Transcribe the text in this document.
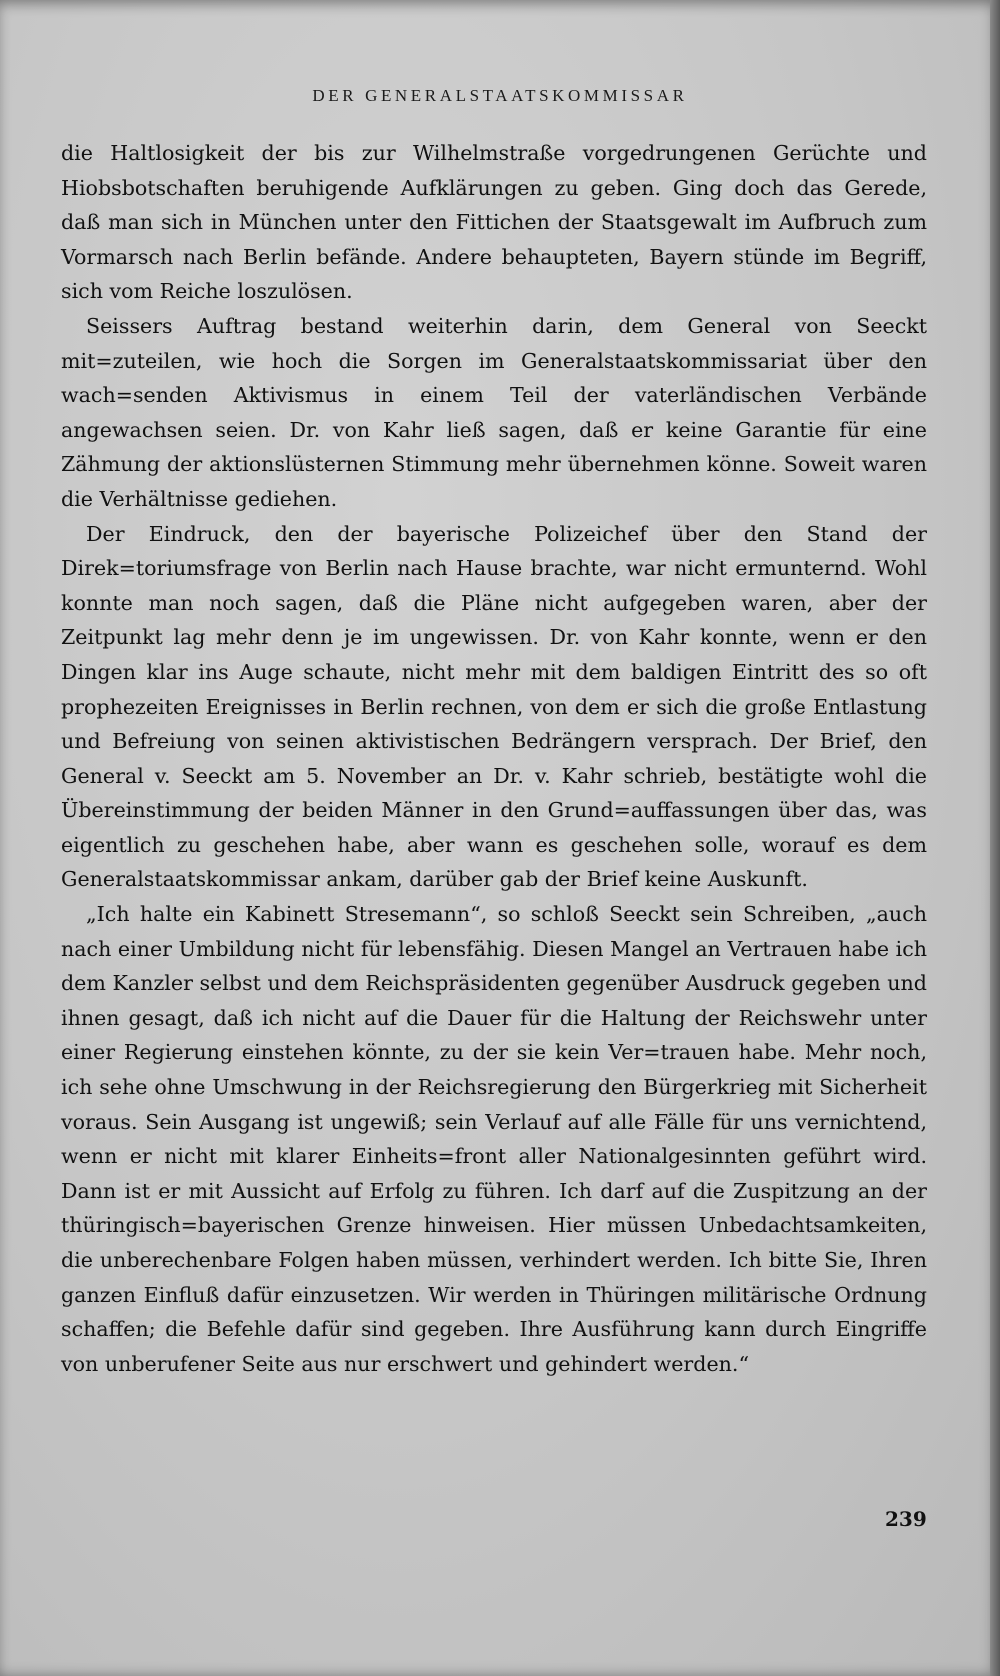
DER GENERALSTAATSKOMMISSAR

die Haltlosigkeit der bis zur Wilhelmstraße vorgedrungenen Gerüchte und Hiobsbotschaften beruhigende Aufklärungen zu geben. Ging doch das Gerede, daß man sich in München unter den Fittichen der Staatsgewalt im Aufbruch zum Vormarsch nach Berlin befände. Andere behaupteten, Bayern stünde im Begriff, sich vom Reiche loszulösen.

Seissers Auftrag bestand weiterhin darin, dem General von Seeckt mit=zuteilen, wie hoch die Sorgen im Generalstaatskommissariat über den wach=senden Aktivismus in einem Teil der vaterländischen Verbände angewachsen seien. Dr. von Kahr ließ sagen, daß er keine Garantie für eine Zähmung der aktionslüsternen Stimmung mehr übernehmen könne. Soweit waren die Verhältnisse gediehen.

Der Eindruck, den der bayerische Polizeichef über den Stand der Direk=toriumsfrage von Berlin nach Hause brachte, war nicht ermunternd. Wohl konnte man noch sagen, daß die Pläne nicht aufgegeben waren, aber der Zeitpunkt lag mehr denn je im ungewissen. Dr. von Kahr konnte, wenn er den Dingen klar ins Auge schaute, nicht mehr mit dem baldigen Eintritt des so oft prophezeiten Ereignisses in Berlin rechnen, von dem er sich die große Entlastung und Befreiung von seinen aktivistischen Bedrängern versprach. Der Brief, den General v. Seeckt am 5. November an Dr. v. Kahr schrieb, bestätigte wohl die Übereinstimmung der beiden Männer in den Grund=auffassungen über das, was eigentlich zu geschehen habe, aber wann es geschehen solle, worauf es dem Generalstaatskommissar ankam, darüber gab der Brief keine Auskunft.

„Ich halte ein Kabinett Stresemann“, so schloß Seeckt sein Schreiben, „auch nach einer Umbildung nicht für lebensfähig. Diesen Mangel an Vertrauen habe ich dem Kanzler selbst und dem Reichspräsidenten gegenüber Ausdruck gegeben und ihnen gesagt, daß ich nicht auf die Dauer für die Haltung der Reichswehr unter einer Regierung einstehen könnte, zu der sie kein Ver=trauen habe. Mehr noch, ich sehe ohne Umschwung in der Reichsregierung den Bürgerkrieg mit Sicherheit voraus. Sein Ausgang ist ungewiß; sein Verlauf auf alle Fälle für uns vernichtend, wenn er nicht mit klarer Einheits=front aller Nationalgesinnten geführt wird. Dann ist er mit Aussicht auf Erfolg zu führen. Ich darf auf die Zuspitzung an der thüringisch=bayerischen Grenze hinweisen. Hier müssen Unbedachtsamkeiten, die unberechenbare Folgen haben müssen, verhindert werden. Ich bitte Sie, Ihren ganzen Einfluß dafür einzusetzen. Wir werden in Thüringen militärische Ordnung schaffen; die Befehle dafür sind gegeben. Ihre Ausführung kann durch Eingriffe von unberufener Seite aus nur erschwert und gehindert werden.“

239
